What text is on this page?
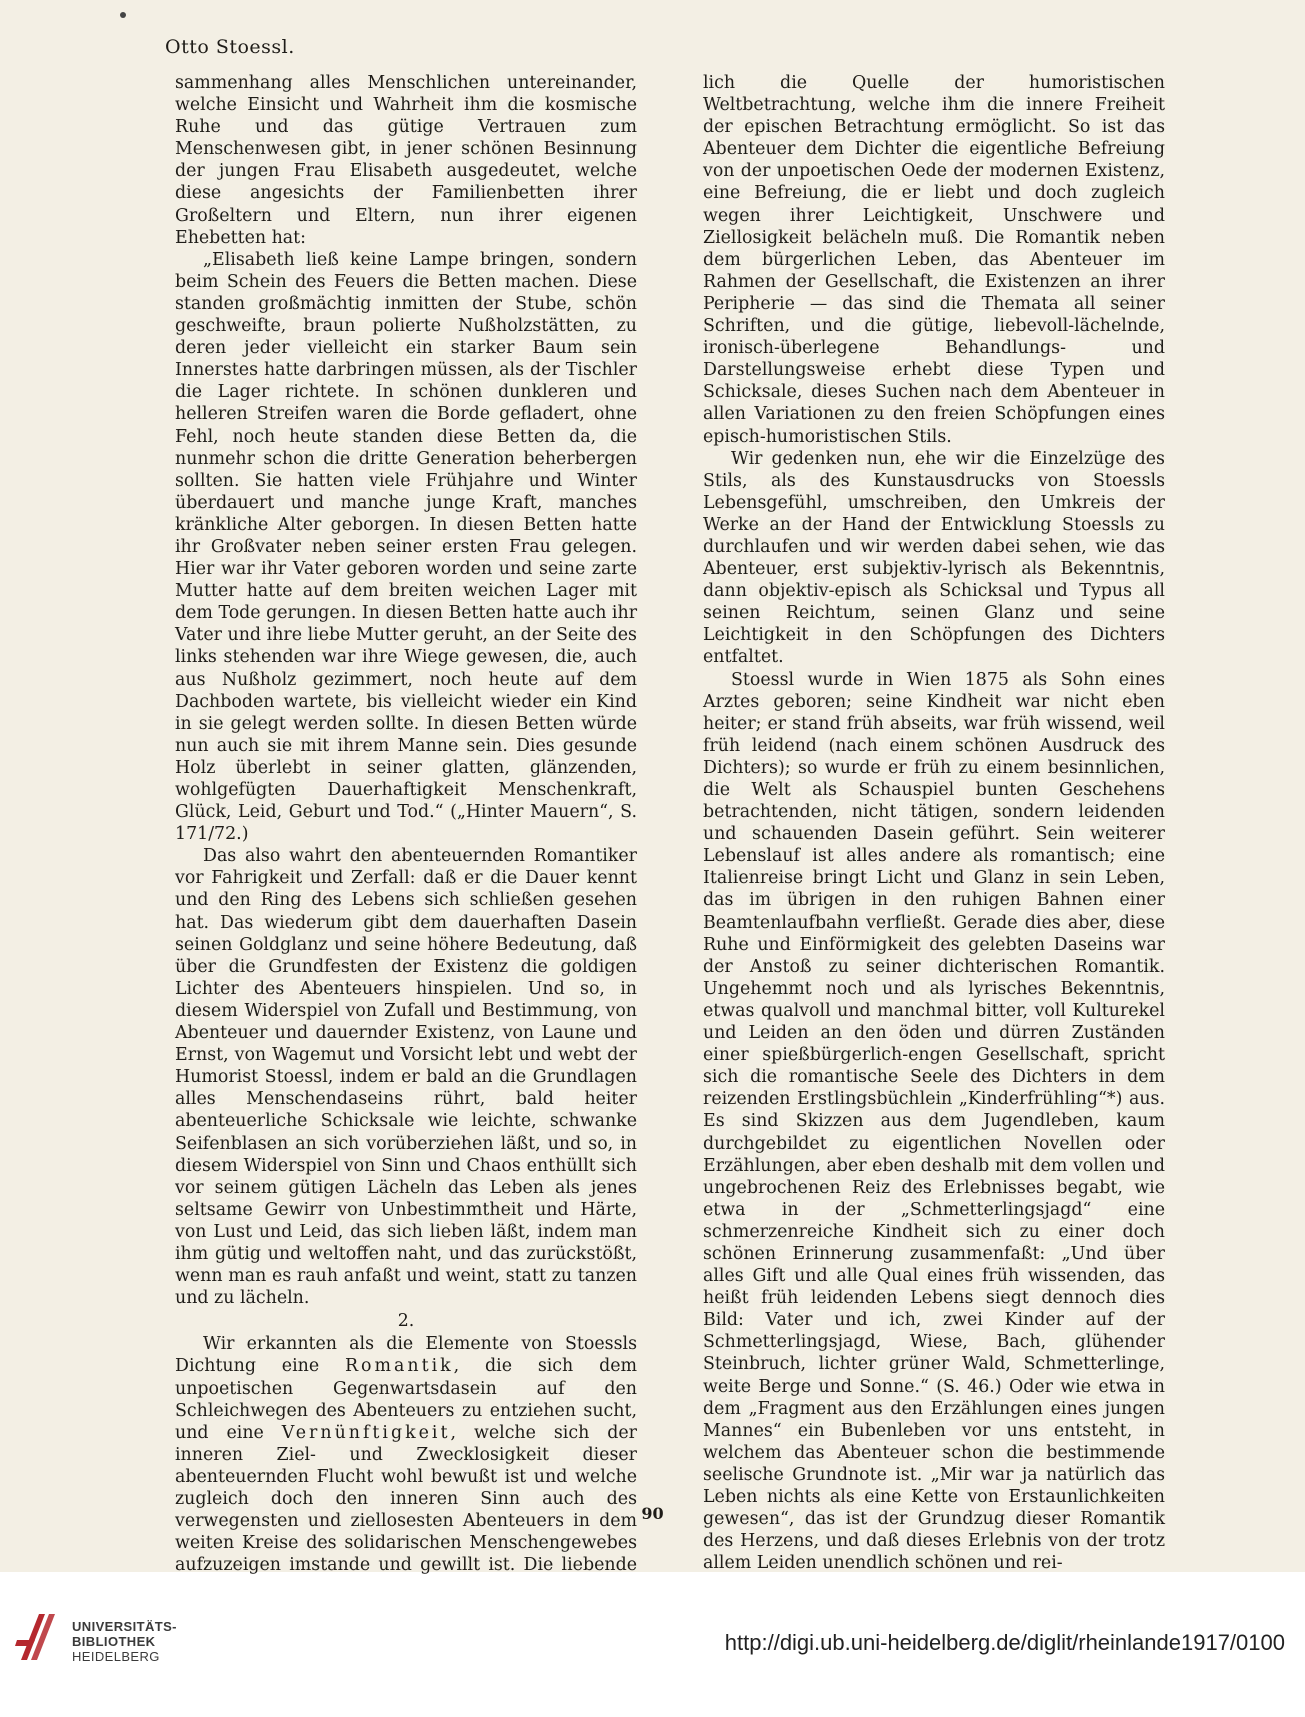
Otto Stoessl.

sammenhang alles Menschlichen untereinander, welche Einsicht und Wahrheit ihm die kosmische Ruhe und das gütige Vertrauen zum Menschenwesen gibt, in jener schönen Besinnung der jungen Frau Elisabeth ausgedeutet, welche diese angesichts der Familienbetten ihrer Großeltern und Eltern, nun ihrer eigenen Ehebetten hat:

„Elisabeth ließ keine Lampe bringen, sondern beim Schein des Feuers die Betten machen. Diese standen großmächtig inmitten der Stube, schön geschweifte, braun polierte Nußholzstätten, zu deren jeder vielleicht ein starker Baum sein Innerstes hatte darbringen müssen, als der Tischler die Lager richtete. In schönen dunkleren und helleren Streifen waren die Borde gefladert, ohne Fehl, noch heute standen diese Betten da, die nunmehr schon die dritte Generation beherbergen sollten. Sie hatten viele Frühjahre und Winter überdauert und manche junge Kraft, manches kränkliche Alter geborgen. In diesen Betten hatte ihr Großvater neben seiner ersten Frau gelegen. Hier war ihr Vater geboren worden und seine zarte Mutter hatte auf dem breiten weichen Lager mit dem Tode gerungen. In diesen Betten hatte auch ihr Vater und ihre liebe Mutter geruht, an der Seite des links stehenden war ihre Wiege gewesen, die, auch aus Nußholz gezimmert, noch heute auf dem Dachboden wartete, bis vielleicht wieder ein Kind in sie gelegt werden sollte. In diesen Betten würde nun auch sie mit ihrem Manne sein. Dies gesunde Holz überlebt in seiner glatten, glänzenden, wohlgefügten Dauerhaftigkeit Menschenkraft, Glück, Leid, Geburt und Tod.“ („Hinter Mauern“, S. 171/72.)

Das also wahrt den abenteuernden Romantiker vor Fahrigkeit und Zerfall: daß er die Dauer kennt und den Ring des Lebens sich schließen gesehen hat. Das wiederum gibt dem dauerhaften Dasein seinen Goldglanz und seine höhere Bedeutung, daß über die Grundfesten der Existenz die goldigen Lichter des Abenteuers hinspielen. Und so, in diesem Widerspiel von Zufall und Bestimmung, von Abenteuer und dauernder Existenz, von Laune und Ernst, von Wagemut und Vorsicht lebt und webt der Humorist Stoessl, indem er bald an die Grundlagen alles Menschendaseins rührt, bald heiter abenteuerliche Schicksale wie leichte, schwanke Seifenblasen an sich vorüberziehen läßt, und so, in diesem Widerspiel von Sinn und Chaos enthüllt sich vor seinem gütigen Lächeln das Leben als jenes seltsame Gewirr von Unbestimmtheit und Härte, von Lust und Leid, das sich lieben läßt, indem man ihm gütig und weltoffen naht, und das zurückstößt, wenn man es rauh anfaßt und weint, statt zu tanzen und zu lächeln.

2.

Wir erkannten als die Elemente von Stoessls Dichtung eine Romantik, die sich dem unpoetischen Gegenwartsdasein auf den Schleichwegen des Abenteuers zu entziehen sucht, und eine Vernünftigkeit, welche sich der inneren Ziel- und Zwecklosigkeit dieser abenteuernden Flucht wohl bewußt ist und welche zugleich doch den inneren Sinn auch des verwegensten und ziellosesten Abenteuers in dem weiten Kreise des solidarischen Menschengewebes aufzuzeigen imstande und gewillt ist. Die liebende

lich die Quelle der humoristischen Weltbetrachtung, welche ihm die innere Freiheit der epischen Betrachtung ermöglicht. So ist das Abenteuer dem Dichter die eigentliche Befreiung von der unpoetischen Oede der modernen Existenz, eine Befreiung, die er liebt und doch zugleich wegen ihrer Leichtigkeit, Unschwere und Ziellosigkeit belächeln muß. Die Romantik neben dem bürgerlichen Leben, das Abenteuer im Rahmen der Gesellschaft, die Existenzen an ihrer Peripherie — das sind die Themata all seiner Schriften, und die gütige, liebevoll-lächelnde, ironisch-überlegene Behandlungs- und Darstellungsweise erhebt diese Typen und Schicksale, dieses Suchen nach dem Abenteuer in allen Variationen zu den freien Schöpfungen eines episch-humoristischen Stils.

Wir gedenken nun, ehe wir die Einzelzüge des Stils, als des Kunstausdrucks von Stoessls Lebensgefühl, umschreiben, den Umkreis der Werke an der Hand der Entwicklung Stoessls zu durchlaufen und wir werden dabei sehen, wie das Abenteuer, erst subjektiv-lyrisch als Bekenntnis, dann objektiv-episch als Schicksal und Typus all seinen Reichtum, seinen Glanz und seine Leichtigkeit in den Schöpfungen des Dichters entfaltet.

Stoessl wurde in Wien 1875 als Sohn eines Arztes geboren; seine Kindheit war nicht eben heiter; er stand früh abseits, war früh wissend, weil früh leidend (nach einem schönen Ausdruck des Dichters); so wurde er früh zu einem besinnlichen, die Welt als Schauspiel bunten Geschehens betrachtenden, nicht tätigen, sondern leidenden und schauenden Dasein geführt. Sein weiterer Lebenslauf ist alles andere als romantisch; eine Italienreise bringt Licht und Glanz in sein Leben, das im übrigen in den ruhigen Bahnen einer Beamtenlaufbahn verfließt. Gerade dies aber, diese Ruhe und Einförmigkeit des gelebten Daseins war der Anstoß zu seiner dichterischen Romantik. Ungehemmt noch und als lyrisches Bekenntnis, etwas qualvoll und manchmal bitter, voll Kulturekel und Leiden an den öden und dürren Zuständen einer spießbürgerlich-engen Gesellschaft, spricht sich die romantische Seele des Dichters in dem reizenden Erstlingsbüchlein „Kinderfrühling“*) aus. Es sind Skizzen aus dem Jugendleben, kaum durchgebildet zu eigentlichen Novellen oder Erzählungen, aber eben deshalb mit dem vollen und ungebrochenen Reiz des Erlebnisses begabt, wie etwa in der „Schmetterlingsjagd“ eine schmerzenreiche Kindheit sich zu einer doch schönen Erinnerung zusammenfaßt: „Und über alles Gift und alle Qual eines früh wissenden, das heißt früh leidenden Lebens siegt dennoch dies Bild: Vater und ich, zwei Kinder auf der Schmetterlingsjagd, Wiese, Bach, glühender Steinbruch, lichter grüner Wald, Schmetterlinge, weite Berge und Sonne.“ (S. 46.) Oder wie etwa in dem „Fragment aus den Erzählungen eines jungen Mannes“ ein Bubenleben vor uns entsteht, in welchem das Abenteuer schon die bestimmende seelische Grundnote ist. „Mir war ja natürlich das Leben nichts als eine Kette von Erstaunlichkeiten gewesen“, das ist der Grundzug dieser Romantik des Herzens, und daß dieses Erlebnis von der trotz allem Leiden unendlich schönen und rei-

90
UNIVERSITÄTS-
BIBLIOTHEK
HEIDELBERG
http://digi.ub.uni-heidelberg.de/diglit/rheinlande1917/0100
